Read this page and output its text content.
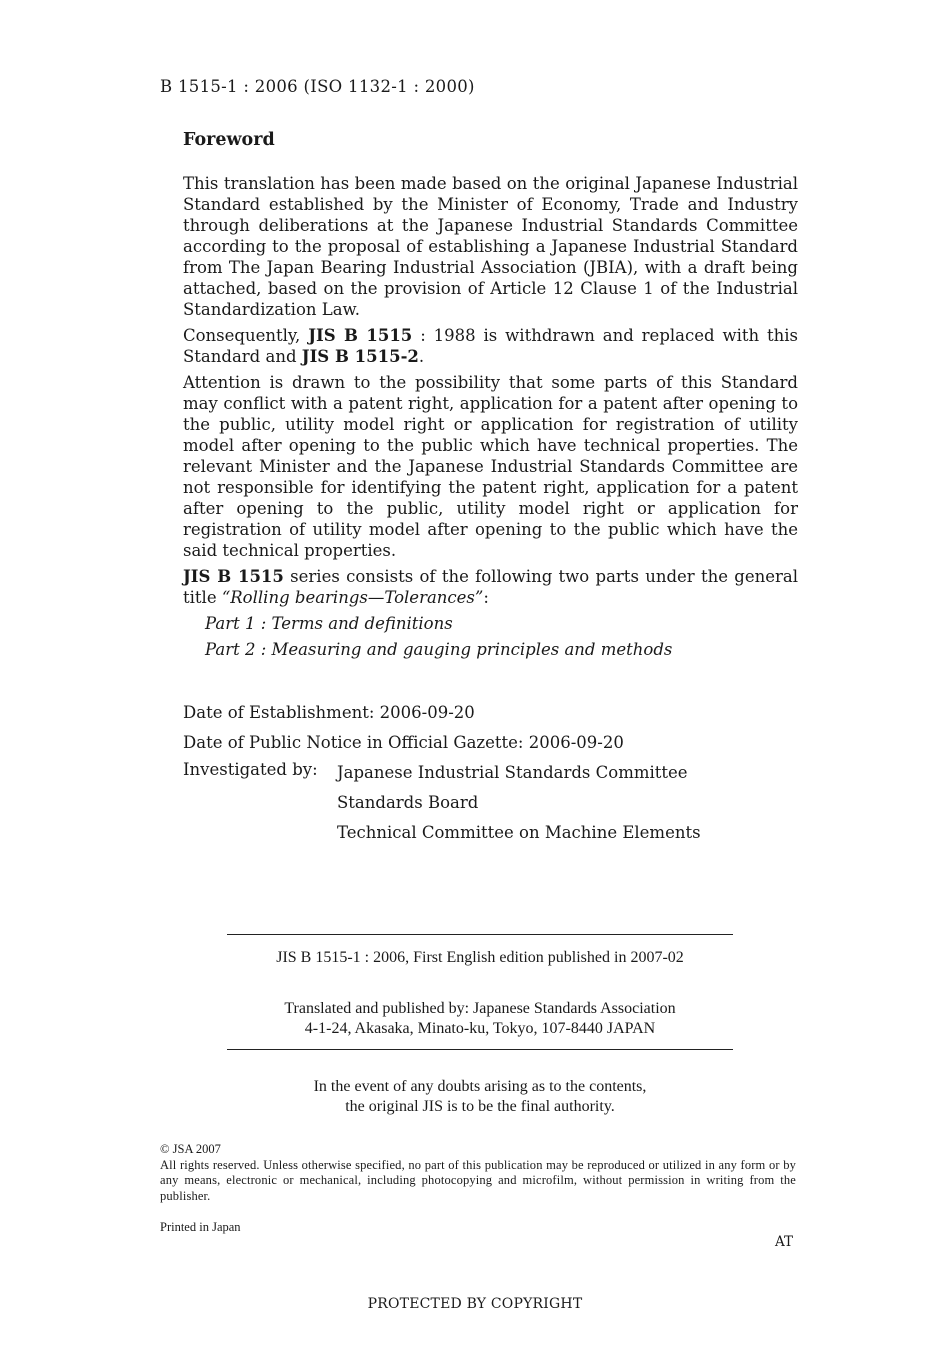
B 1515-1 : 2006 (ISO 1132-1 : 2000)
Foreword

This translation has been made based on the original Japanese Industrial Standard established by the Minister of Economy, Trade and Industry through deliberations at the Japanese Industrial Standards Committee according to the proposal of establishing a Japanese Industrial Standard from The Japan Bearing Industrial Association (JBIA), with a draft being attached, based on the provision of Article 12 Clause 1 of the Industrial Standardization Law.

Consequently, JIS B 1515 : 1988 is withdrawn and replaced with this Standard and JIS B 1515-2.

Attention is drawn to the possibility that some parts of this Standard may conflict with a patent right, application for a patent after opening to the public, utility model right or application for registration of utility model after opening to the public which have technical properties. The relevant Minister and the Japanese Industrial Standards Committee are not responsible for identifying the patent right, application for a patent after opening to the public, utility model right or application for registration of utility model after opening to the public which have the said technical properties.

JIS B 1515 series consists of the following two parts under the general title “Rolling bearings—Tolerances”:

Part 1 : Terms and definitions
Part 2 : Measuring and gauging principles and methods
Date of Establishment: 2006-09-20
Date of Public Notice in Official Gazette: 2006-09-20
Investigated by:	Japanese Industrial Standards Committee
Standards Board
Technical Committee on Machine Elements
JIS B 1515-1 : 2006, First English edition published in 2007-02
Translated and published by: Japanese Standards Association
4-1-24, Akasaka, Minato-ku, Tokyo, 107-8440 JAPAN
In the event of any doubts arising as to the contents,
the original JIS is to be the final authority.
© JSA 2007
All rights reserved. Unless otherwise specified, no part of this publication may be reproduced or utilized in any form or by any means, electronic or mechanical, including photocopying and microfilm, without permission in writing from the publisher.
Printed in Japan
AT
PROTECTED BY COPYRIGHT
